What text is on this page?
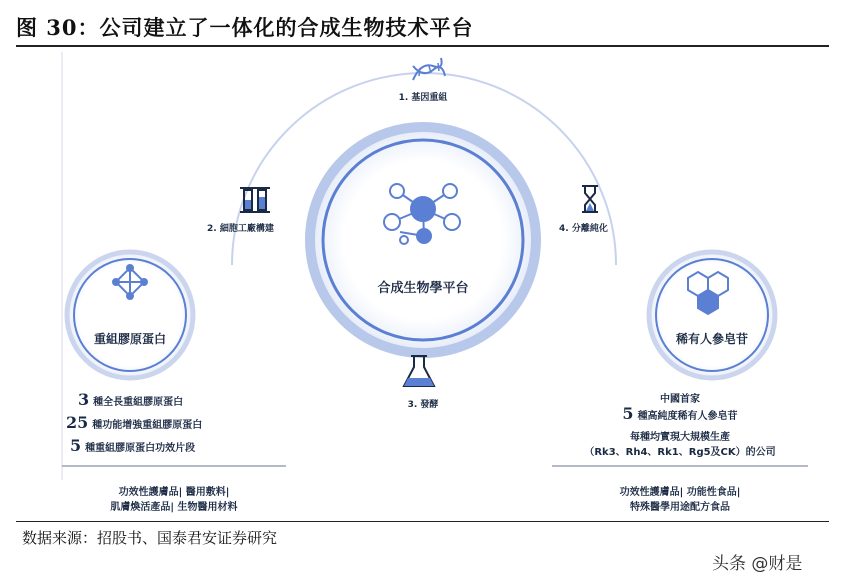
图 30：公司建立了一体化的合成生物技术平台
1. 基因重組
2. 細胞工廠構建
3. 發酵
4. 分離純化
合成生物學平台
重組膠原蛋白	稀有人參皂苷
3 種全長重組膠原蛋白
25 種功能增強重組膠原蛋白
5 種重組膠原蛋白功效片段
功效性護膚品| 醫用敷料|
肌膚煥活產品| 生物醫用材料
中國首家
5 種高純度稀有人參皂苷
每種均實現大規模生產
（Rk3、Rh4、Rk1、Rg5及CK）的公司
功效性護膚品| 功能性食品|
特殊醫學用途配方食品
数据来源：招股书、国泰君安证券研究
头条 @财是
